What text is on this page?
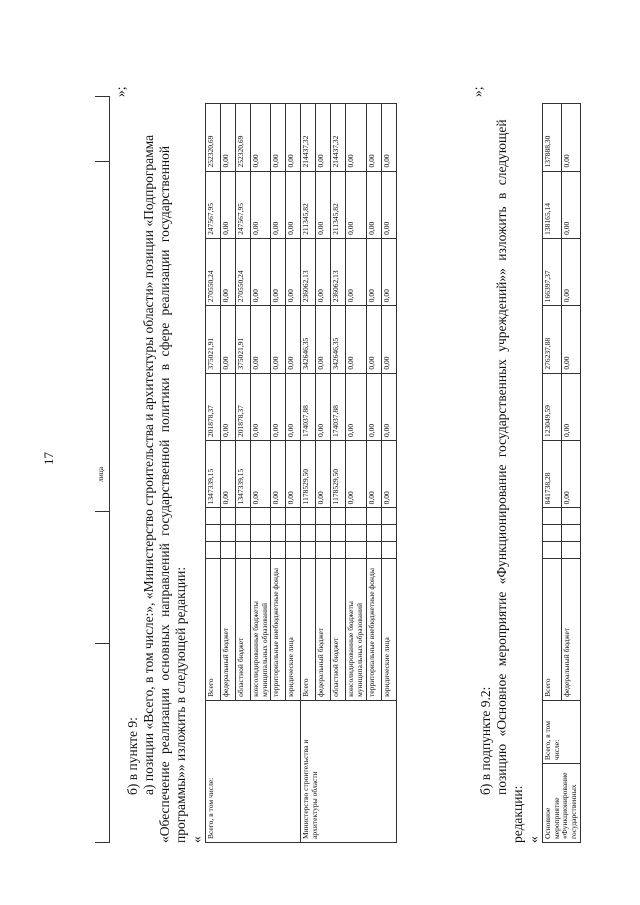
лица
»;
17
б) в пункте 9: а) позиции «Всего, в том числе:», «Министерство строительства и архитектуры области» позиции «Подпрограмма «Обеспечение реализации основных направлений государственной политики в сфере реализации государственной программы»» изложить в следующей редакции: «
Всего, в том числе:	Всего				1347339,15	201878,37	375021,91	270550,24	247567,95	252320,69
	федеральный бюджет				0,00	0,00	0,00	0,00	0,00	0,00
	областной бюджет				1347339,15	201878,37	375021,91	270550,24	247567,95	252320,69
	консолидированные бюджеты муниципальных образований				0,00	0,00	0,00	0,00	0,00	0,00
	территориальные внебюджетные фонды				0,00	0,00	0,00	0,00	0,00	0,00
	юридические лица				0,00	0,00	0,00	0,00	0,00	0,00
Министерство строительства и архитектуры области	Всего				1178529,50	174037,88	342646,35	236062,13	211345,82	214437,32
	федеральный бюджет				0,00	0,00	0,00	0,00	0,00	0,00
	областной бюджет				1178529,50	174037,88	342646,35	236062,13	211345,82	214437,32
	консолидированные бюджеты муниципальных образований				0,00	0,00	0,00	0,00	0,00	0,00
	территориальные внебюджетные фонды				0,00	0,00	0,00	0,00	0,00	0,00
	юридические лица				0,00	0,00	0,00	0,00	0,00	0,00
»;
б) в подпункте 9.2: позицию «Основное мероприятие «Функционирование государственных учреждений»» изложить в следующей
редакции: «
Основное мероприятие «Функционирование государственных	Всего, в том числе:	Всего				841738,28	123049,59	276237,88	166397,37	138165,14	137888,30
		федеральный бюджет				0,00	0,00	0,00	0,00	0,00	0,00
